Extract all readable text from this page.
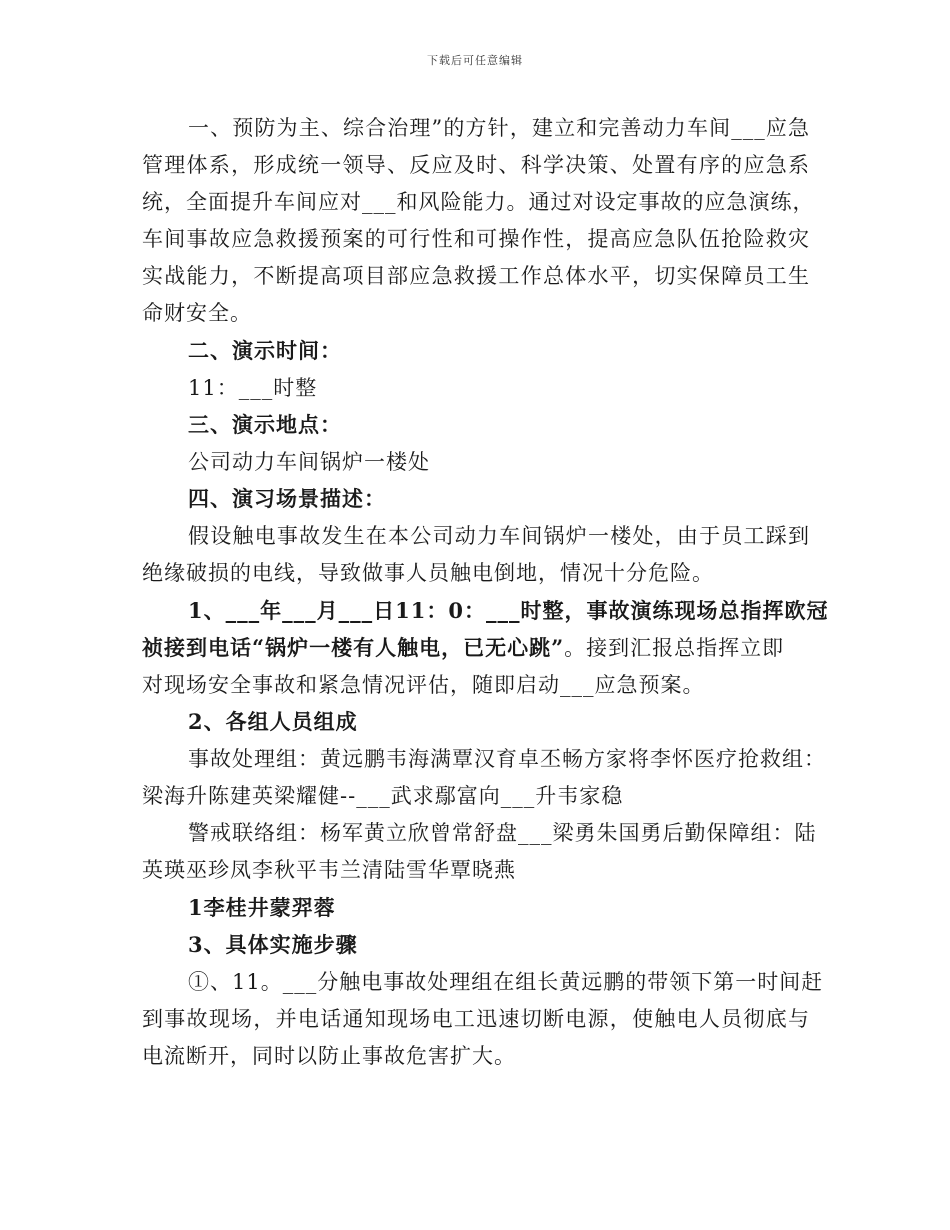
下载后可任意编辑
一、预防为主、综合治理”的方针，建立和完善动力车间___应急
管理体系，形成统一领导、反应及时、科学决策、处置有序的应急系
统，全面提升车间应对___和风险能力。通过对设定事故的应急演练，
车间事故应急救援预案的可行性和可操作性，提高应急队伍抢险救灾
实战能力，不断提高项目部应急救援工作总体水平，切实保障员工生
命财安全。
二、演示时间：
11：___时整
三、演示地点：
公司动力车间锅炉一楼处
四、演习场景描述：
假设触电事故发生在本公司动力车间锅炉一楼处，由于员工踩到
绝缘破损的电线，导致做事人员触电倒地，情况十分危险。
1、___年___月___日11：0：___时整，事故演练现场总指挥欧冠
祯接到电话“锅炉一楼有人触电，已无心跳”。接到汇报总指挥立即
对现场安全事故和紧急情况评估，随即启动___应急预案。
2、各组人员组成
事故处理组：黄远鹏韦海满覃汉育卓丕畅方家将李怀医疗抢救组：
梁海升陈建英梁耀健--___武求鄢富向___升韦家稳
警戒联络组：杨军黄立欣曾常舒盘___梁勇朱国勇后勤保障组：陆
英瑛巫珍凤李秋平韦兰清陆雪华覃晓燕
1李桂井蒙羿蓉
3、具体实施步骤
①、11。___分触电事故处理组在组长黄远鹏的带领下第一时间赶
到事故现场，并电话通知现场电工迅速切断电源，使触电人员彻底与
电流断开，同时以防止事故危害扩大。
